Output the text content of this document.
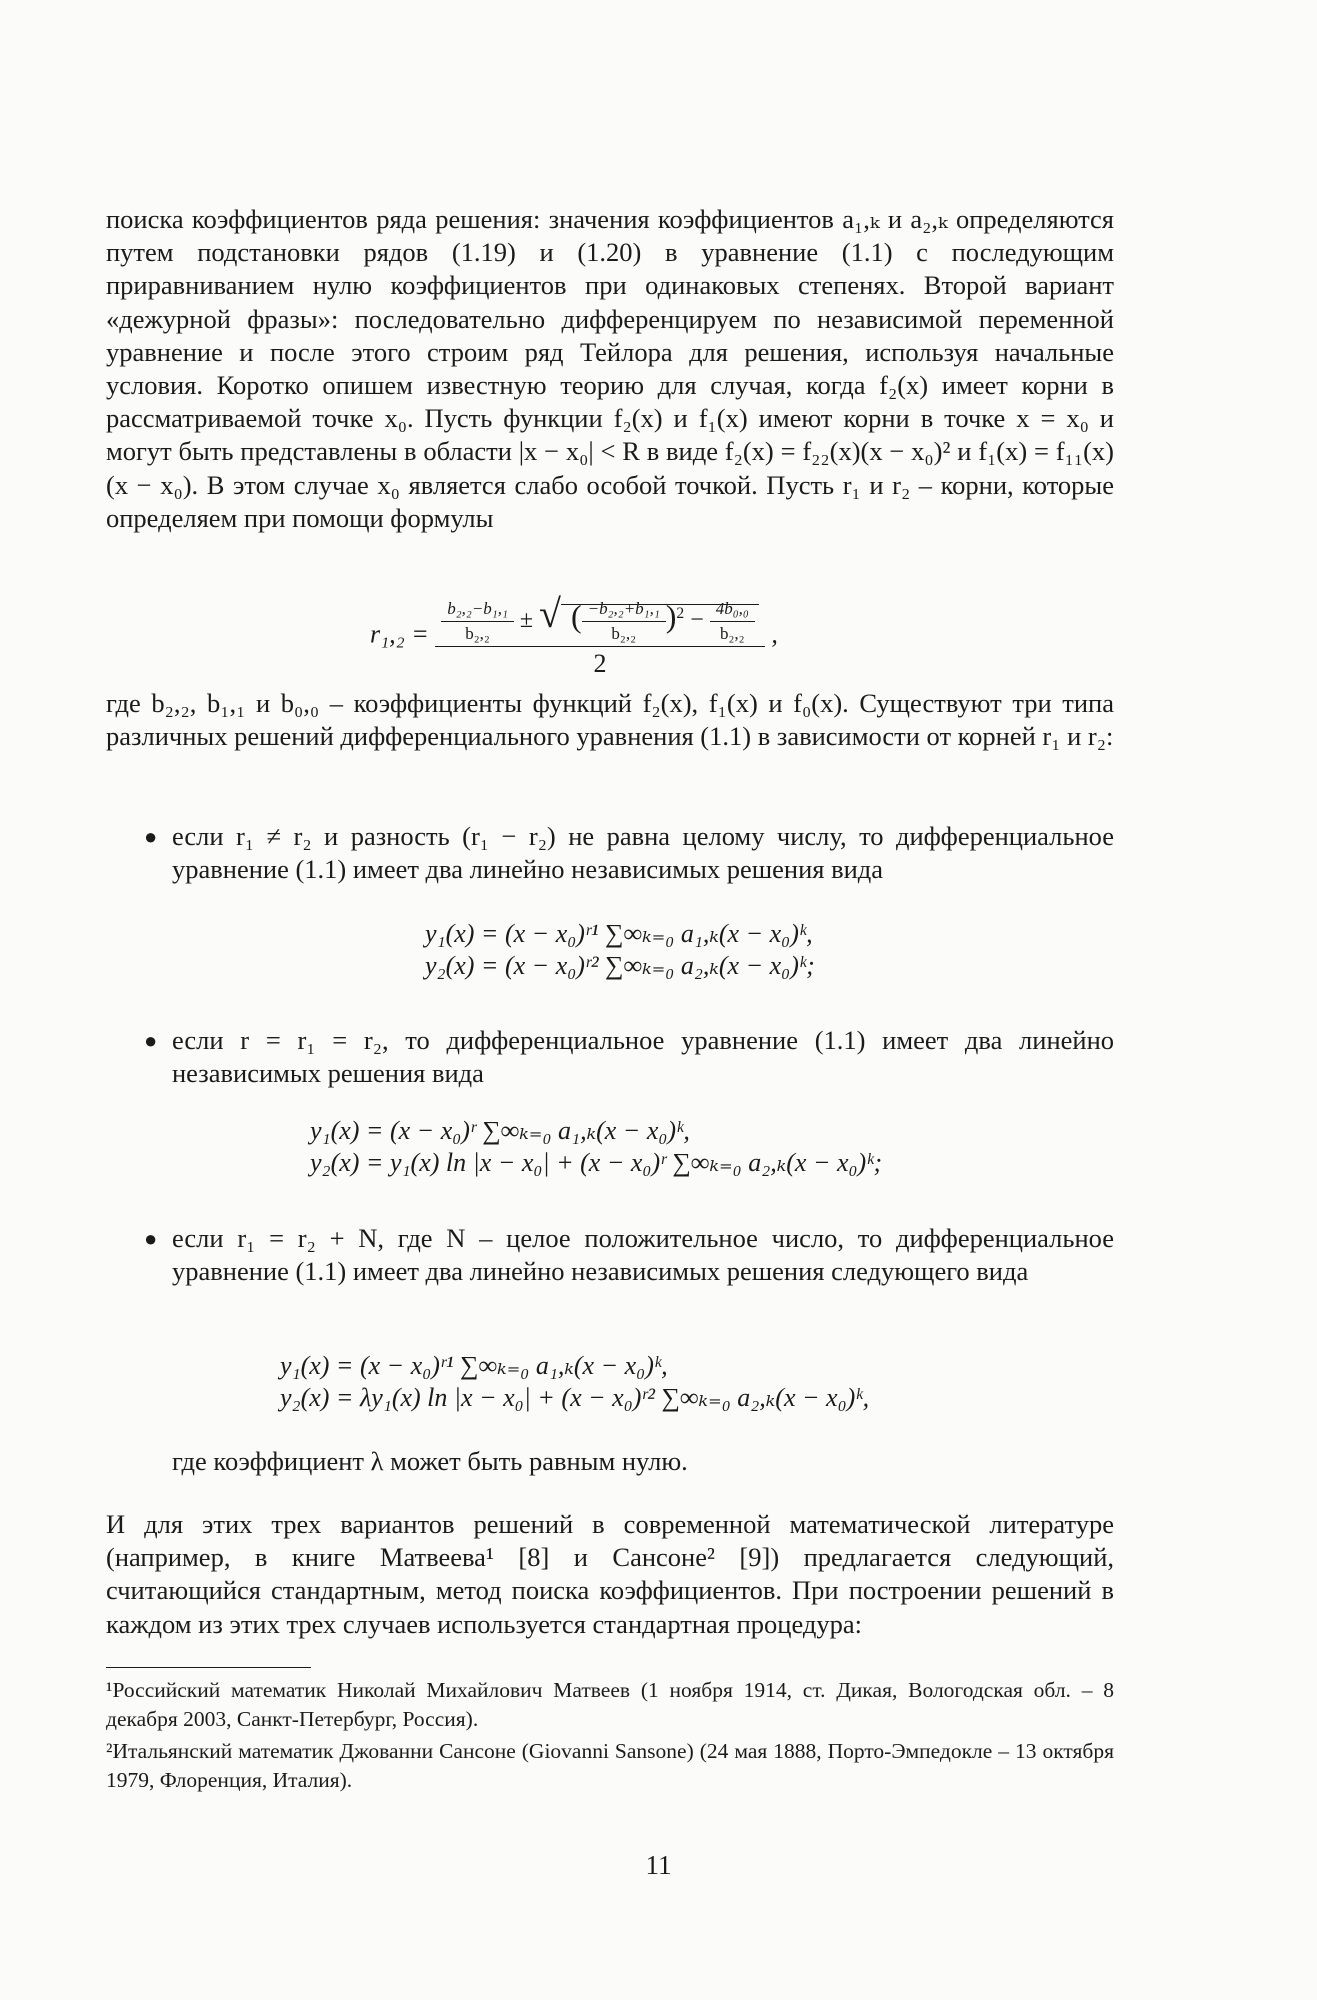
поиска коэффициентов ряда решения: значения коэффициентов a₁,ₖ и a₂,ₖ определяются путем подстановки рядов (1.19) и (1.20) в уравнение (1.1) с последующим приравниванием нулю коэффициентов при одинаковых степенях. Второй вариант «дежурной фразы»: последовательно дифференцируем по независимой переменной уравнение и после этого строим ряд Тейлора для решения, используя начальные условия. Коротко опишем известную теорию для случая, когда f₂(x) имеет корни в рассматриваемой точке x₀. Пусть функции f₂(x) и f₁(x) имеют корни в точке x = x₀ и могут быть представлены в области |x − x₀| < R в виде f₂(x) = f₂₂(x)(x − x₀)² и f₁(x) = f₁₁(x)(x − x₀). В этом случае x₀ является слабо особой точкой. Пусть r₁ и r₂ – корни, которые определяем при помощи формулы

$r_1,_2 = \frac{\text{b₂,₂−b₁,₁}}{\text{b₂,₂}}$ ± √ ( $\frac{\text{−b₂,₂+b₁,₁}}{\text{b₂,₂}} )^2 - \frac{\text{4b₀,₀}}{\text{b₂,₂}}$
2
,

где b₂,₂, b₁,₁ и b₀,₀ – коэффициенты функций f₂(x), f₁(x) и f₀(x). Существуют три типа различных решений дифференциального уравнения (1.1) в зависимости от корней r₁ и r₂:

● если r₁ ≠ r₂ и разность (r₁ − r₂) не равна целому числу, то дифференциальное уравнение (1.1) имеет два линейно независимых решения вида
y₁(x) = (x − x₀)ʳ¹ ∑∞ₖ₌₀ a₁,ₖ(x − x₀)ᵏ,
y₂(x) = (x − x₀)ʳ² ∑∞ₖ₌₀ a₂,ₖ(x − x₀)ᵏ;
● если r = r₁ = r₂, то дифференциальное уравнение (1.1) имеет два линейно независимых решения вида
y₁(x) = (x − x₀)ʳ ∑∞ₖ₌₀ a₁,ₖ(x − x₀)ᵏ,
y₂(x) = y₁(x) ln |x − x₀| + (x − x₀)ʳ ∑∞ₖ₌₀ a₂,ₖ(x − x₀)ᵏ;
● если r₁ = r₂ + N, где N – целое положительное число, то дифференциальное уравнение (1.1) имеет два линейно независимых решения следующего вида
y₁(x) = (x − x₀)ʳ¹ ∑∞ₖ₌₀ a₁,ₖ(x − x₀)ᵏ,
y₂(x) = λy₁(x) ln |x − x₀| + (x − x₀)ʳ² ∑∞ₖ₌₀ a₂,ₖ(x − x₀)ᵏ,
где коэффициент λ может быть равным нулю.

И для этих трех вариантов решений в современной математической литературе (например, в книге Матвеева¹ [8] и Сансоне² [9]) предлагается следующий, считающийся стандартным, метод поиска коэффициентов. При построении решений в каждом из этих трех случаев используется стандартная процедура:

¹Российский математик Николай Михайлович Матвеев (1 ноября 1914, ст. Дикая, Вологодская обл. – 8 декабря 2003, Санкт-Петербург, Россия).
²Итальянский математик Джованни Сансоне (Giovanni Sansone) (24 мая 1888, Порто-Эмпедокле – 13 октября 1979, Флоренция, Италия).
11
